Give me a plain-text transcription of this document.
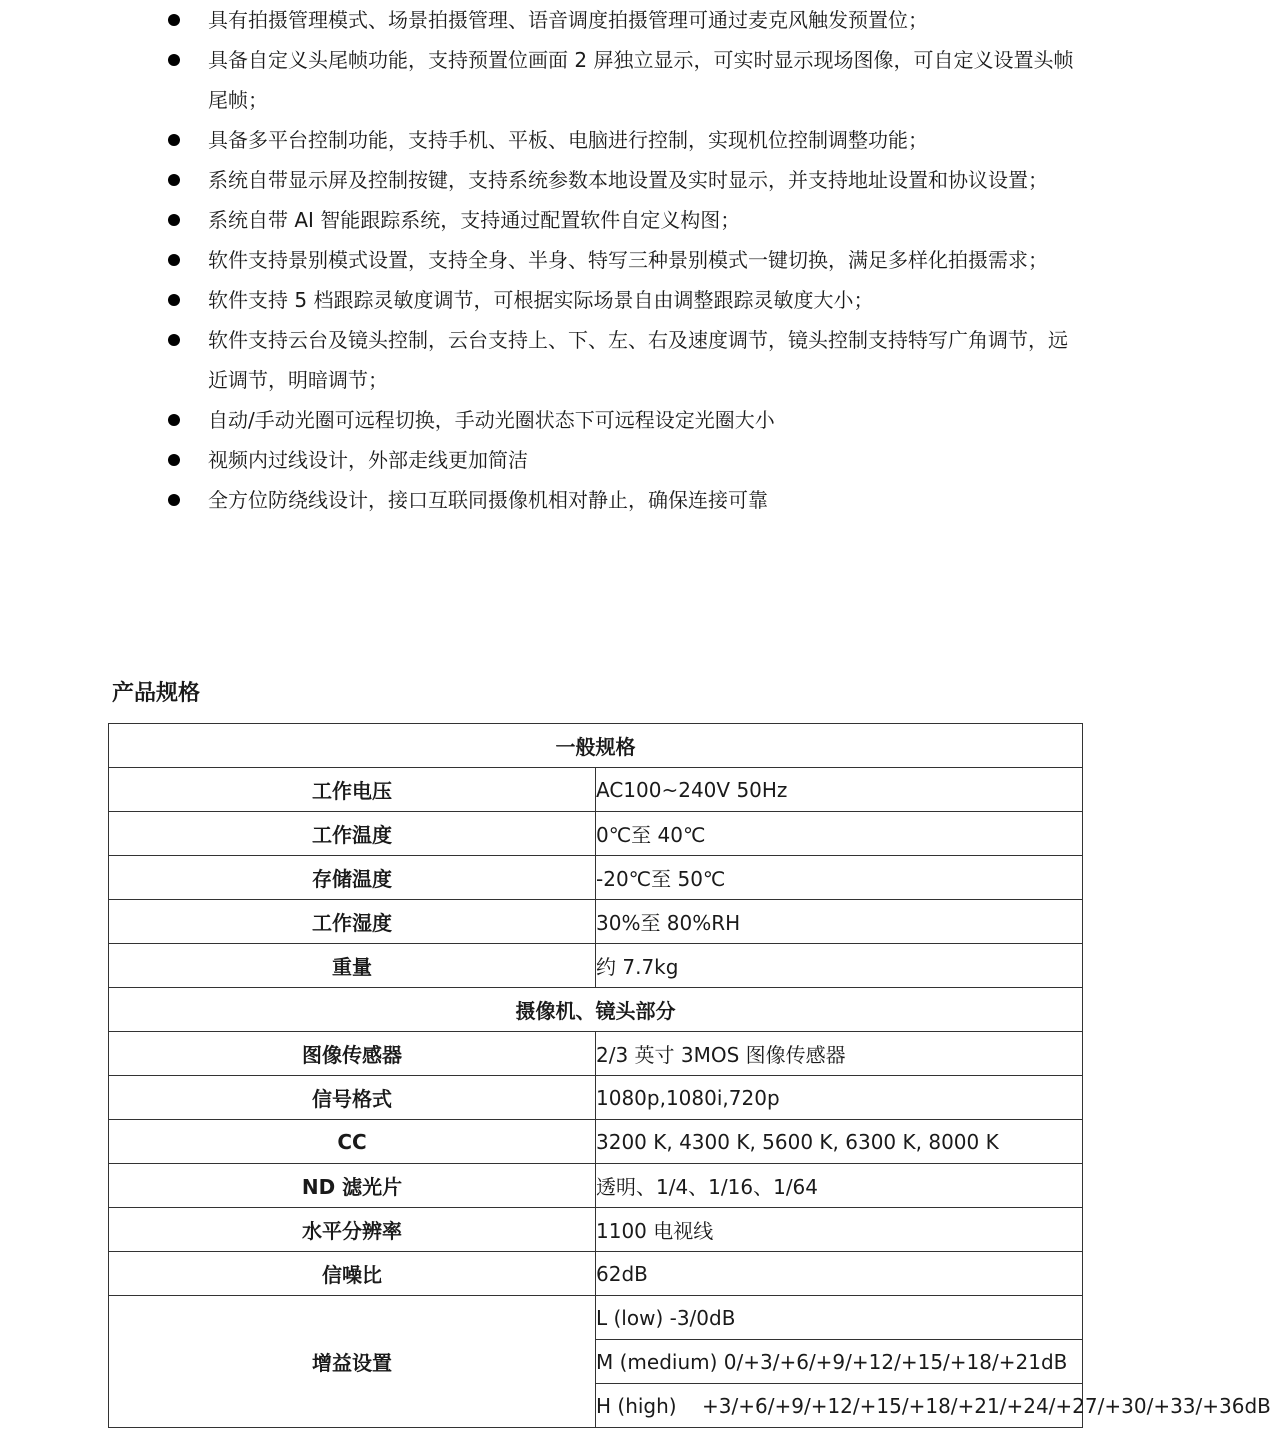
具有拍摄管理模式、场景拍摄管理、语音调度拍摄管理可通过麦克风触发预置位；
具备自定义头尾帧功能，支持预置位画面 2 屏独立显示，可实时显示现场图像，可自定义设置头帧尾帧；
具备多平台控制功能，支持手机、平板、电脑进行控制，实现机位控制调整功能；
系统自带显示屏及控制按键，支持系统参数本地设置及实时显示，并支持地址设置和协议设置；
系统自带 AI 智能跟踪系统，支持通过配置软件自定义构图；
软件支持景别模式设置，支持全身、半身、特写三种景别模式一键切换，满足多样化拍摄需求；
软件支持 5 档跟踪灵敏度调节，可根据实际场景自由调整跟踪灵敏度大小；
软件支持云台及镜头控制，云台支持上、下、左、右及速度调节，镜头控制支持特写广角调节，远近调节，明暗调节；
自动/手动光圈可远程切换，手动光圈状态下可远程设定光圈大小
视频内过线设计，外部走线更加简洁
全方位防绕线设计，接口互联同摄像机相对静止，确保连接可靠
产品规格
一般规格	
工作电压	AC100~240V 50Hz
工作温度	0℃至 40℃
存储温度	-20℃至 50℃
工作湿度	30%至 80%RH
重量	约 7.7kg
摄像机、镜头部分	
图像传感器	2/3 英寸 3MOS 图像传感器
信号格式	1080p,1080i,720p
CC	3200 K, 4300 K, 5600 K, 6300 K, 8000 K
ND 滤光片	透明、1/4、1/16、1/64
水平分辨率	1100 电视线
信噪比	62dB
增益设置	L (low) -3/0dB
	M (medium) 0/+3/+6/+9/+12/+15/+18/+21dB
	H (high)    +3/+6/+9/+12/+15/+18/+21/+24/+27/+30/+33/+36dB
